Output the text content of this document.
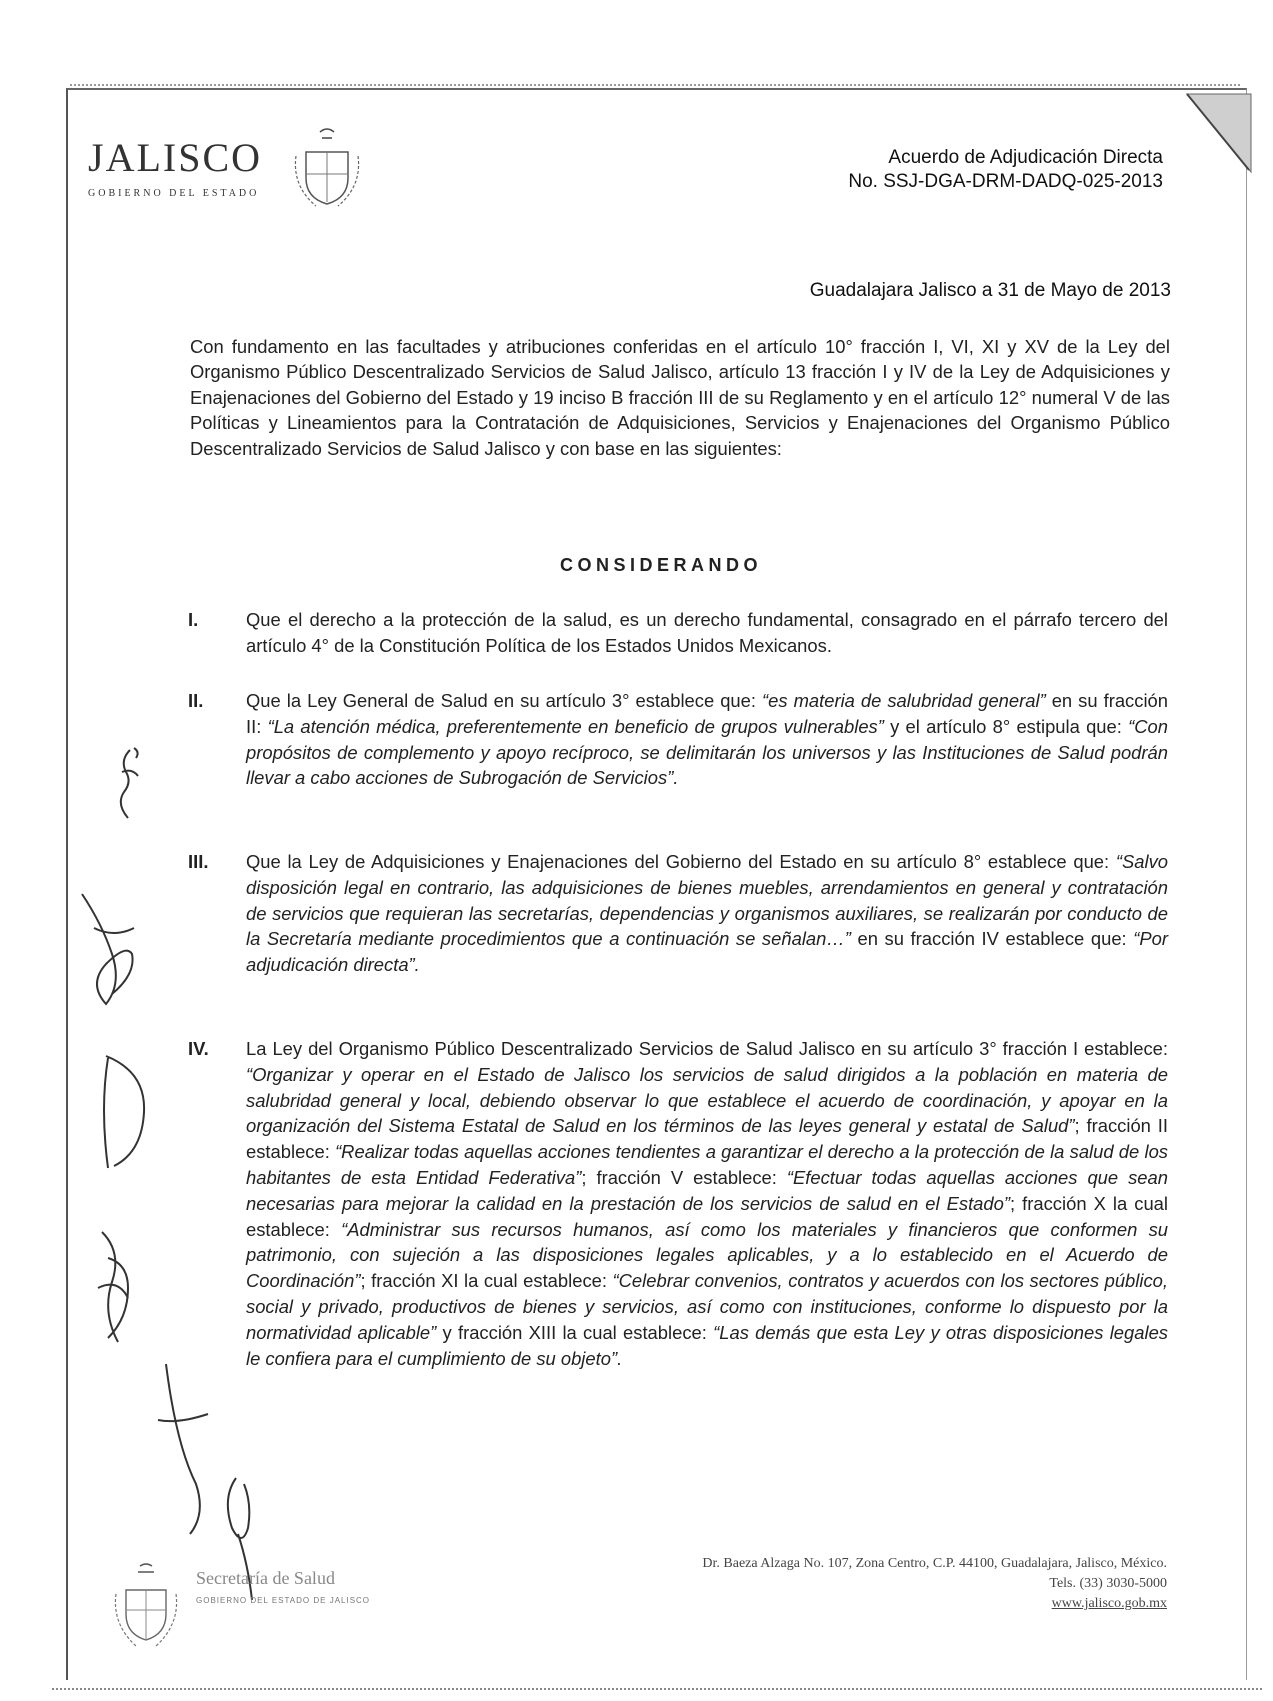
JALISCO
GOBIERNO DEL ESTADO
Acuerdo de Adjudicación Directa
No. SSJ-DGA-DRM-DADQ-025-2013
Guadalajara Jalisco a 31 de Mayo de 2013
Con fundamento en las facultades y atribuciones conferidas en el artículo 10° fracción I, VI, XI y XV de la Ley del Organismo Público Descentralizado Servicios de Salud Jalisco, artículo 13 fracción I y IV de la Ley de Adquisiciones y Enajenaciones del Gobierno del Estado y 19 inciso B fracción III de su Reglamento y en el artículo 12° numeral V de las Políticas y Lineamientos para la Contratación de Adquisiciones, Servicios y Enajenaciones del Organismo Público Descentralizado Servicios de Salud Jalisco y con base en las siguientes:
CONSIDERANDO
I.	Que el derecho a la protección de la salud, es un derecho fundamental, consagrado en el párrafo tercero del artículo 4° de la Constitución Política de los Estados Unidos Mexicanos.
II.	Que la Ley General de Salud en su artículo 3° establece que: “es materia de salubridad general” en su fracción II: “La atención médica, preferentemente en beneficio de grupos vulnerables” y el artículo 8° estipula que: “Con propósitos de complemento y apoyo recíproco, se delimitarán los universos y las Instituciones de Salud podrán llevar a cabo acciones de Subrogación de Servicios”.
III.	Que la Ley de Adquisiciones y Enajenaciones del Gobierno del Estado en su artículo 8° establece que: “Salvo disposición legal en contrario, las adquisiciones de bienes muebles, arrendamientos en general y contratación de servicios que requieran las secretarías, dependencias y organismos auxiliares, se realizarán por conducto de la Secretaría mediante procedimientos que a continuación se señalan…” en su fracción IV establece que: “Por adjudicación directa”.
IV.	La Ley del Organismo Público Descentralizado Servicios de Salud Jalisco en su artículo 3° fracción I establece: “Organizar y operar en el Estado de Jalisco los servicios de salud dirigidos a la población en materia de salubridad general y local, debiendo observar lo que establece el acuerdo de coordinación, y apoyar en la organización del Sistema Estatal de Salud en los términos de las leyes general y estatal de Salud”; fracción II establece: “Realizar todas aquellas acciones tendientes a garantizar el derecho a la protección de la salud de los habitantes de esta Entidad Federativa”; fracción V establece: “Efectuar todas aquellas acciones que sean necesarias para mejorar la calidad en la prestación de los servicios de salud en el Estado”; fracción X la cual establece: “Administrar sus recursos humanos, así como los materiales y financieros que conformen su patrimonio, con sujeción a las disposiciones legales aplicables, y a lo establecido en el Acuerdo de Coordinación”; fracción XI la cual establece: “Celebrar convenios, contratos y acuerdos con los sectores público, social y privado, productivos de bienes y servicios, así como con instituciones, conforme lo dispuesto por la normatividad aplicable” y fracción XIII la cual establece: “Las demás que esta Ley y otras disposiciones legales le confiera para el cumplimiento de su objeto”.
Secretaría de Salud
GOBIERNO DEL ESTADO DE JALISCO
Dr. Baeza Alzaga No. 107, Zona Centro, C.P. 44100, Guadalajara, Jalisco, México.
Tels. (33) 3030-5000
www.jalisco.gob.mx
